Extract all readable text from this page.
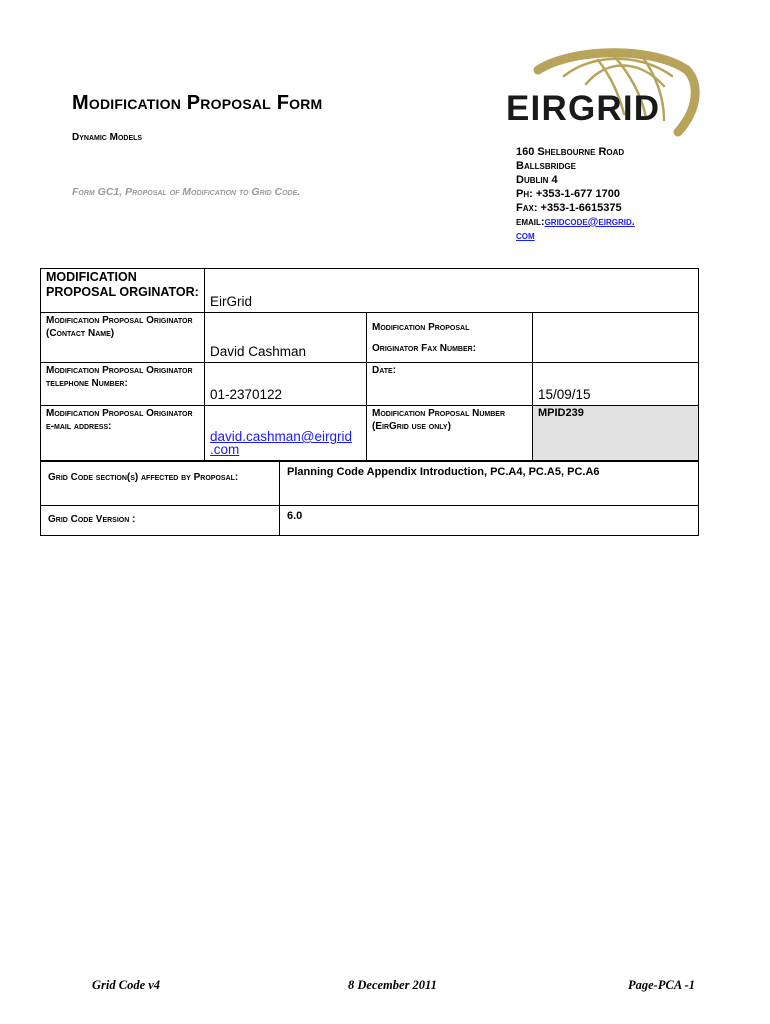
Modification Proposal Form
Dynamic Models
Form GC1, Proposal of Modification to Grid Code.
EIRGRID
160 Shelbourne Road
Ballsbridge
Dublin 4
Ph: +353-1-677 1700
Fax: +353-1-6615375
email:gridcode@eirgrid.
com
MODIFICATION PROPOSAL ORGINATOR:	EirGrid		
Modification Proposal Originator (Contact Name)	David Cashman	Modification Proposal
Originator Fax Number:	

Modification Proposal Originator telephone Number:	01-2370122	Date:	15/09/15
Modification Proposal Originator e-mail address:	david.cashman@eirgrid
.com	Modification Proposal Number (EirGrid use only)	MPID239
Grid Code section(s) affected by Proposal:	Planning Code Appendix Introduction, PC.A4, PC.A5, PC.A6
Grid Code Version :	6.0
Grid Code v4	8 December 2011	Page-PCA -1
